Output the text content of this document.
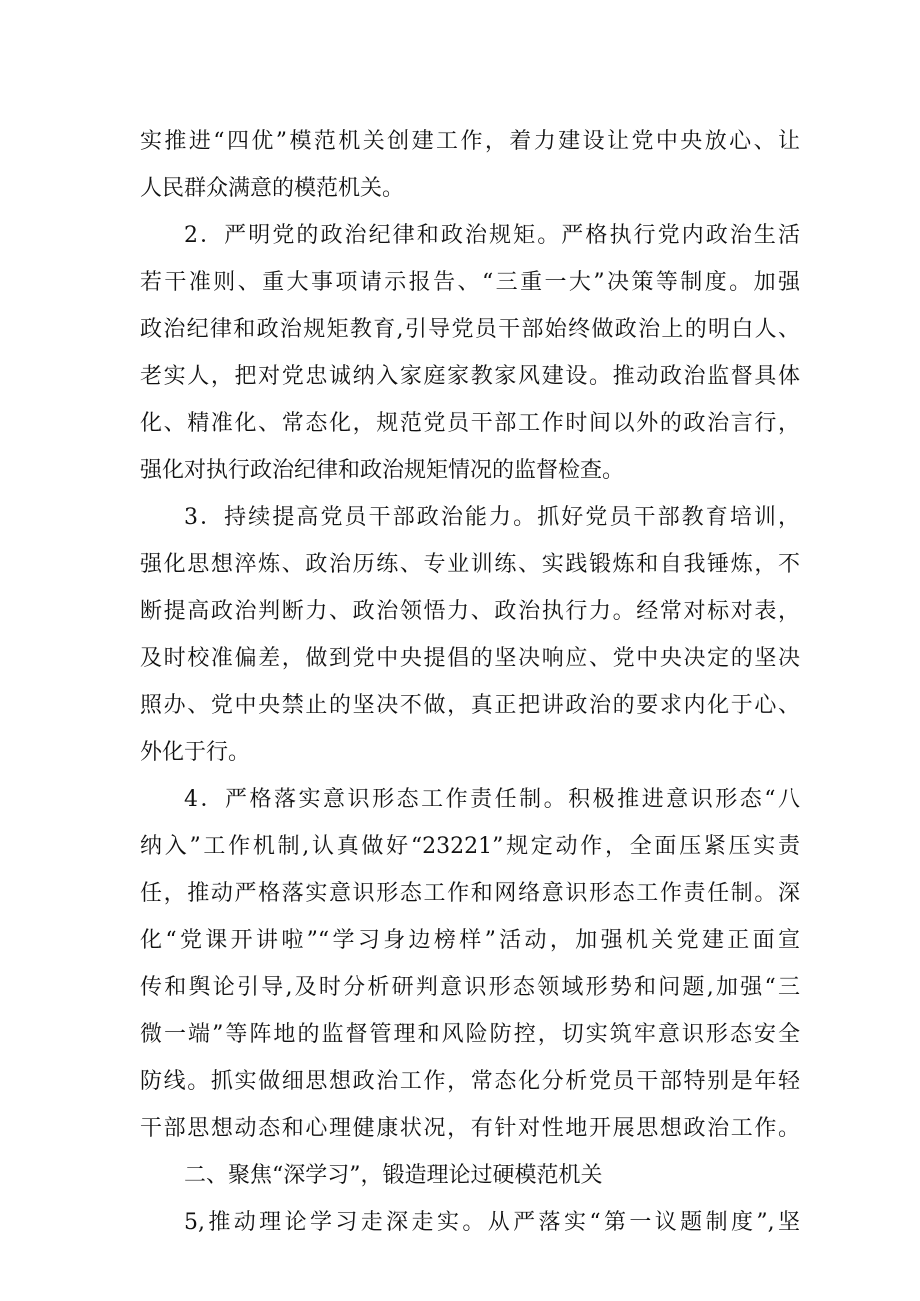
实推进“四优”模范机关创建工作，着力建设让党中央放心、让
人民群众满意的模范机关。
2．严明党的政治纪律和政治规矩。严格执行党内政治生活
若干准则、重大事项请示报告、“三重一大”决策等制度。加强
政治纪律和政治规矩教育,引导党员干部始终做政治上的明白人、
老实人，把对党忠诚纳入家庭家教家风建设。推动政治监督具体
化、精准化、常态化，规范党员干部工作时间以外的政治言行，
强化对执行政治纪律和政治规矩情况的监督检查。
3．持续提高党员干部政治能力。抓好党员干部教育培训，
强化思想淬炼、政治历练、专业训练、实践锻炼和自我锤炼，不
断提高政治判断力、政治领悟力、政治执行力。经常对标对表，
及时校准偏差，做到党中央提倡的坚决响应、党中央决定的坚决
照办、党中央禁止的坚决不做，真正把讲政治的要求内化于心、
外化于行。
4．严格落实意识形态工作责任制。积极推进意识形态“八
纳入”工作机制,认真做好“23221”规定动作，全面压紧压实责
任，推动严格落实意识形态工作和网络意识形态工作责任制。深
化“党课开讲啦”“学习身边榜样”活动，加强机关党建正面宣
传和舆论引导,及时分析研判意识形态领域形势和问题,加强“三
微一端”等阵地的监督管理和风险防控，切实筑牢意识形态安全
防线。抓实做细思想政治工作，常态化分析党员干部特别是年轻
干部思想动态和心理健康状况，有针对性地开展思想政治工作。
二、聚焦“深学习”，锻造理论过硬模范机关
5,推动理论学习走深走实。从严落实“第一议题制度”,坚
